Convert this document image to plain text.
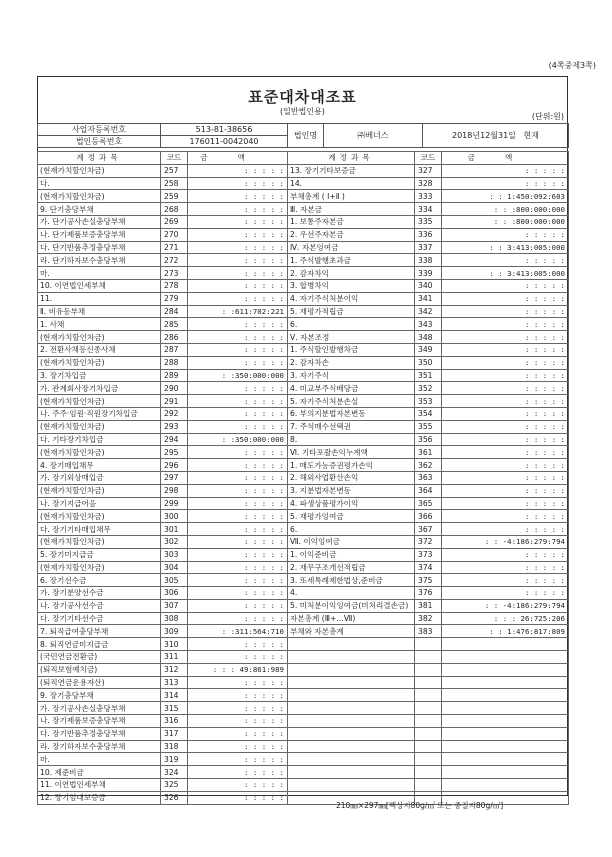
(4쪽중제3쪽)
표준대차대조표
(일반법인용)
(단위:원)
사업자등록번호	513-81-38656	법인명	㈜베너스	2018년12월31일 현재
법인등록번호	176011-0042040			
계정과목	코드	금액	계정과목	코드	금액
(현재가치할인차금)	257	: : : : :	13. 장기기타보증금	327	: : : : :
다.	258	: : : : :	14.	328	: : : : :
(현재가치할인차금)	259	: : : : :	부채총계 ( Ⅰ+Ⅱ )	333	: : 1:450:092:603
9. 단기충당부채	268	: : : : :	Ⅲ. 자본금	334	: : :800:000:000
가. 단기공사손실충당부채	269	: : : : :	1. 보통주자본금	335	: : :800:000:000
나. 단기제품보증충당부채	270	: : : : :	2. 우선주자본금	336	: : : : :
다. 단기반품추정충당부채	271	: : : : :	Ⅳ. 자본잉여금	337	: : 3:413:005:000
라. 단기하자보수충당부채	272	: : : : :	1. 주식발행초과금	338	: : : : :
마.	273	: : : : :	2. 감자차익	339	: : 3:413:005:000
10. 이연법인세부채	278	: : : : :	3. 합병차익	340	: : : : :
11.	279	: : : : :	4. 자기주식처분이익	341	: : : : :
Ⅱ. 비유동부채	284	: :611:702:221	5. 재평가적립금	342	: : : : :
1. 사채	285	: : : : :	6.	343	: : : : :
(현재가치할인차금)	286	: : : : :	Ⅴ. 자본조정	348	: : : : :
2. 전환사채등신종사채	287	: : : : :	1. 주식할인발행차금	349	: : : : :
(현재가치할인차금)	288	: : : : :	2. 감자차손	350	: : : : :
3. 장기차입금	289	: :350:000:000	3. 자기주식	351	: : : : :
가. 관계회사장기차입금	290	: : : : :	4. 미교부주식배당금	352	: : : : :
(현재가치할인차금)	291	: : : : :	5. 자기주식처분손실	353	: : : : :
나. 주주·임원·직원장기차입금	292	: : : : :	6. 부의지분법자본변동	354	: : : : :
(현재가치할인차금)	293	: : : : :	7. 주식매수선택권	355	: : : : :
다. 기타장기차입금	294	: :350:000:000	8.	356	: : : : :
(현재가치할인차금)	295	: : : : :	Ⅵ. 기타포괄손익누계액	361	: : : : :
4. 장기매입채무	296	: : : : :	1. 매도가능증권평가손익	362	: : : : :
가. 장기외상매입금	297	: : : : :	2. 해외사업환산손익	363	: : : : :
(현재가치할인차금)	298	: : : : :	3. 지분법자본변동	364	: : : : :
나. 장기지급어음	299	: : : : :	4. 파생상품평가이익	365	: : : : :
(현재가치할인차금)	300	: : : : :	5. 재평가잉여금	366	: : : : :
다. 장기기타매입채무	301	: : : : :	6.	367	: : : : :
(현재가치할인차금)	302	: : : : :	Ⅶ. 이익잉여금	372	: : -4:186:279:794
5. 장기미지급금	303	: : : : :	1. 이익준비금	373	: : : : :
(현재가치할인차금)	304	: : : : :	2. 재무구조개선적립금	374	: : : : :
6. 장기선수금	305	: : : : :	3. 또세특례제한법상,준비금	375	: : : : :
가. 장기분양선수금	306	: : : : :	4.	376	: : : : :
나. 장기공사선수금	307	: : : : :	5. 미처분이익잉여금(미처리결손금)	381	: : -4:186:279:794
다. 장기기타선수금	308	: : : : :	자본총계 (Ⅲ+…Ⅶ)	382	: : : 26:725:206
7. 퇴직급여충당부채	309	: :311:564:710	부채와 자본총계	383	: : 1:476:817:809
8. 퇴직연금미지급금	310	: : : : :			
(국민연금전환금)	311	: : : : :			
(퇴직보험예치금)	312	: : : 49:861:989			
(퇴직연금운용자산)	313	: : : : :			
9. 장기충당부채	314	: : : : :			
가. 장기공사손실충당부채	315	: : : : :			
나. 장기제품보증충당부채	316	: : : : :			
다. 장기반품추정충당부채	317	: : : : :			
라. 장기하자보수충당부채	318	: : : : :			
마.	319	: : : : :			
10. 제준비금	324	: : : : :			
11. 이연법인세부채	325	: : : : :			
12. 장기임대보증금	326	: : : : :			
210㎜×297㎜[백상지80g/㎡ 또는 중질지80g/㎡]
